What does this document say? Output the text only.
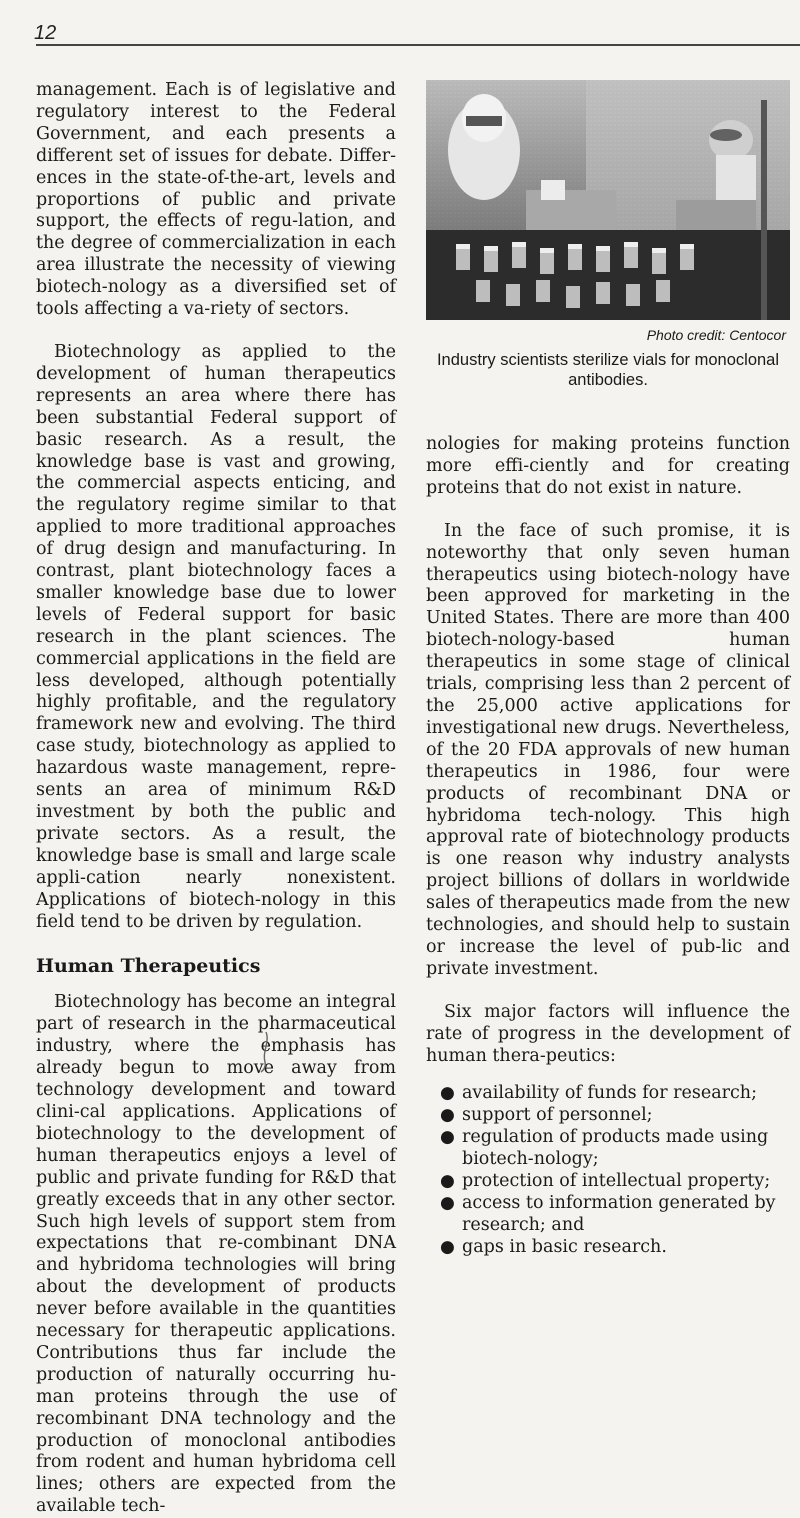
12

management. Each is of legislative and regulatory interest to the Federal Government, and each presents a different set of issues for debate. Differ-ences in the state-of-the-art, levels and proportions of public and private support, the effects of regu-lation, and the degree of commercialization in each area illustrate the necessity of viewing biotech-nology as a diversified set of tools affecting a va-riety of sectors.

Biotechnology as applied to the development of human therapeutics represents an area where there has been substantial Federal support of basic research. As a result, the knowledge base is vast and growing, the commercial aspects enticing, and the regulatory regime similar to that applied to more traditional approaches of drug design and manufacturing. In contrast, plant biotechnology faces a smaller knowledge base due to lower levels of Federal support for basic research in the plant sciences. The commercial applications in the field are less developed, although potentially highly profitable, and the regulatory framework new and evolving. The third case study, biotechnology as applied to hazardous waste management, repre-sents an area of minimum R&D investment by both the public and private sectors. As a result, the knowledge base is small and large scale appli-cation nearly nonexistent. Applications of biotech-nology in this field tend to be driven by regulation.

Human Therapeutics

Biotechnology has become an integral part of research in the pharmaceutical industry, where the emphasis has already begun to move away from technology development and toward clini-cal applications. Applications of biotechnology to the development of human therapeutics enjoys a level of public and private funding for R&D that greatly exceeds that in any other sector. Such high levels of support stem from expectations that re-combinant DNA and hybridoma technologies will bring about the development of products never before available in the quantities necessary for therapeutic applications. Contributions thus far include the production of naturally occurring hu-man proteins through the use of recombinant DNA technology and the production of monoclonal antibodies from rodent and human hybridoma cell lines; others are expected from the available tech-

Photo credit: Centocor
Industry scientists sterilize vials for monoclonal antibodies.

nologies for making proteins function more effi-ciently and for creating proteins that do not exist in nature.

In the face of such promise, it is noteworthy that only seven human therapeutics using biotech-nology have been approved for marketing in the United States. There are more than 400 biotech-nology-based human therapeutics in some stage of clinical trials, comprising less than 2 percent of the 25,000 active applications for investigational new drugs. Nevertheless, of the 20 FDA approvals of new human therapeutics in 1986, four were products of recombinant DNA or hybridoma tech-nology. This high approval rate of biotechnology products is one reason why industry analysts project billions of dollars in worldwide sales of therapeutics made from the new technologies, and should help to sustain or increase the level of pub-lic and private investment.

Six major factors will influence the rate of progress in the development of human thera-peutics:

● availability of funds for research;
● support of personnel;
● regulation of products made using biotech-nology;
● protection of intellectual property;
● access to information generated by research; and
● gaps in basic research.
